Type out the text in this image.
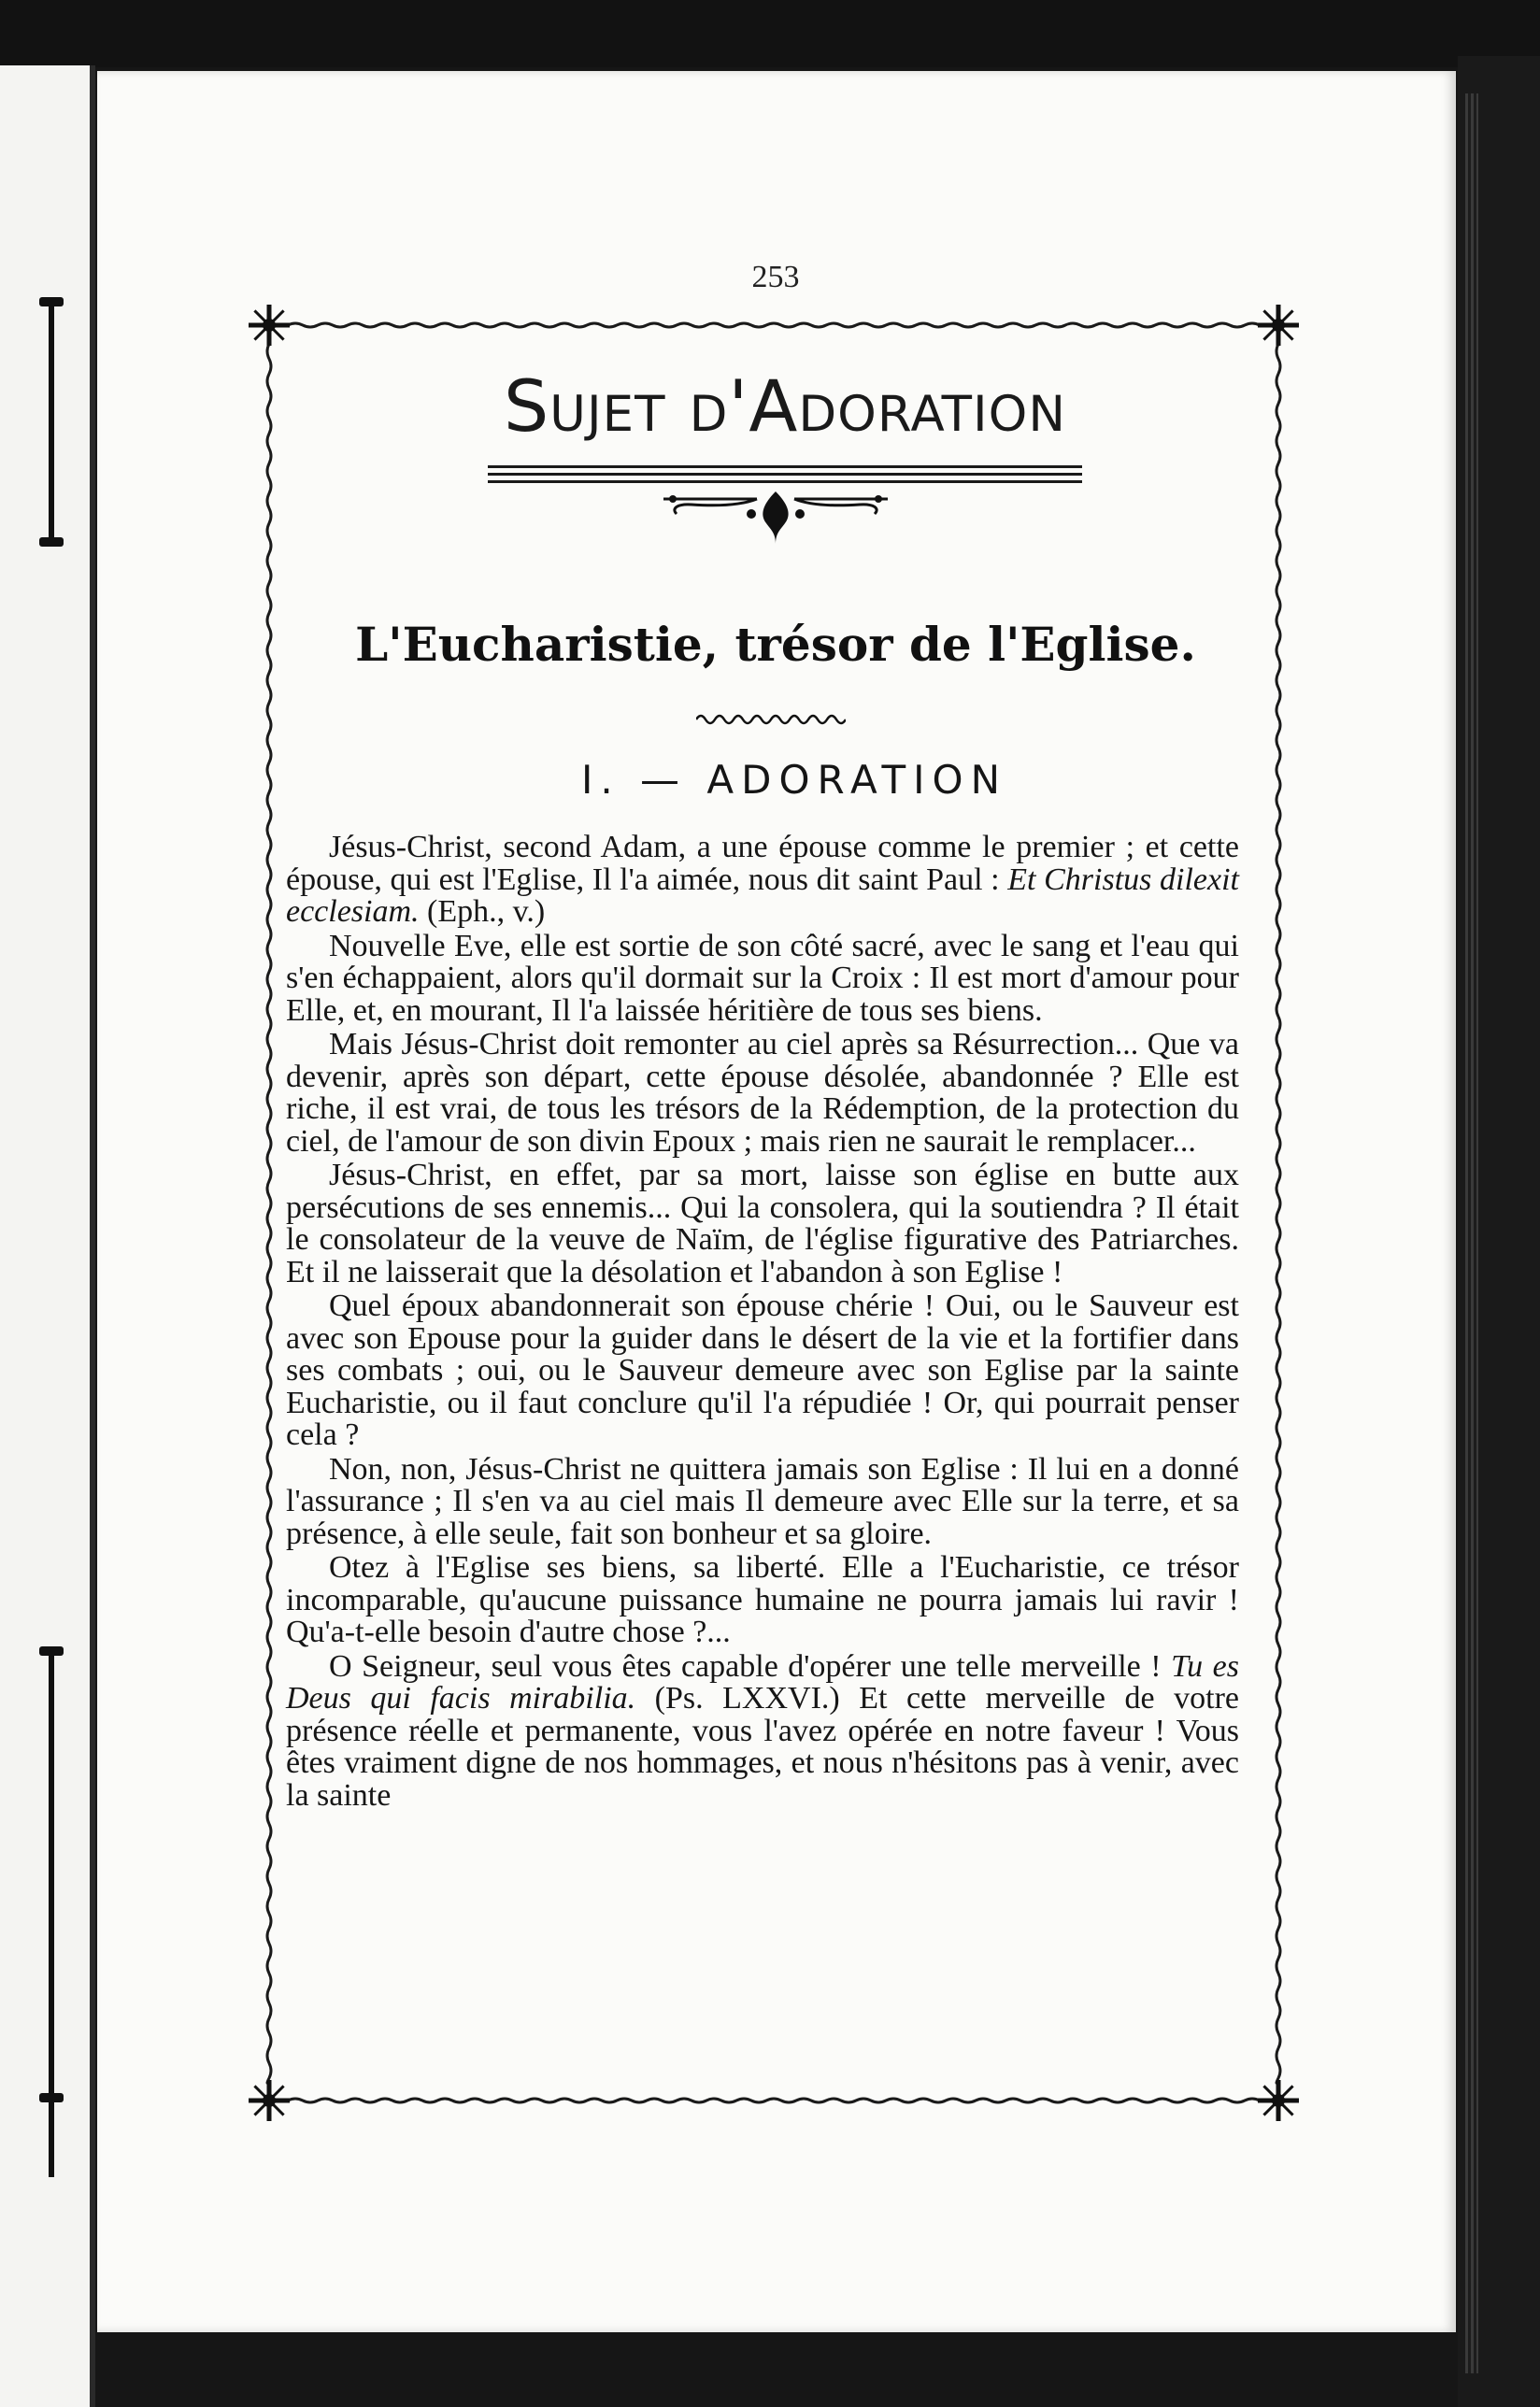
253
Sujet d'Adoration
L'Eucharistie, trésor de l'Eglise.
I. — ADORATION

Jésus-Christ, second Adam, a une épouse comme le premier ; et cette épouse, qui est l'Eglise, Il l'a aimée, nous dit saint Paul : Et Christus dilexit ecclesiam. (Eph., v.)

Nouvelle Eve, elle est sortie de son côté sacré, avec le sang et l'eau qui s'en échappaient, alors qu'il dormait sur la Croix : Il est mort d'amour pour Elle, et, en mourant, Il l'a laissée héritière de tous ses biens.

Mais Jésus-Christ doit remonter au ciel après sa Résurrection... Que va devenir, après son départ, cette épouse désolée, abandonnée ? Elle est riche, il est vrai, de tous les trésors de la Rédemption, de la protection du ciel, de l'amour de son divin Epoux ; mais rien ne saurait le remplacer...

Jésus-Christ, en effet, par sa mort, laisse son église en butte aux persécutions de ses ennemis... Qui la consolera, qui la soutiendra ? Il était le consolateur de la veuve de Naïm, de l'église figurative des Patriarches. Et il ne laisserait que la désolation et l'abandon à son Eglise !

Quel époux abandonnerait son épouse chérie ! Oui, ou le Sauveur est avec son Epouse pour la guider dans le désert de la vie et la fortifier dans ses combats ; oui, ou le Sauveur demeure avec son Eglise par la sainte Eucharistie, ou il faut conclure qu'il l'a répudiée ! Or, qui pourrait penser cela ?

Non, non, Jésus-Christ ne quittera jamais son Eglise : Il lui en a donné l'assurance ; Il s'en va au ciel mais Il demeure avec Elle sur la terre, et sa présence, à elle seule, fait son bonheur et sa gloire.

Otez à l'Eglise ses biens, sa liberté. Elle a l'Eucharistie, ce trésor incomparable, qu'aucune puissance humaine ne pourra jamais lui ravir ! Qu'a-t-elle besoin d'autre chose ?...

O Seigneur, seul vous êtes capable d'opérer une telle merveille ! Tu es Deus qui facis mirabilia. (Ps. LXXVI.) Et cette merveille de votre présence réelle et permanente, vous l'avez opérée en notre faveur ! Vous êtes vraiment digne de nos hommages, et nous n'hésitons pas à venir, avec la sainte
